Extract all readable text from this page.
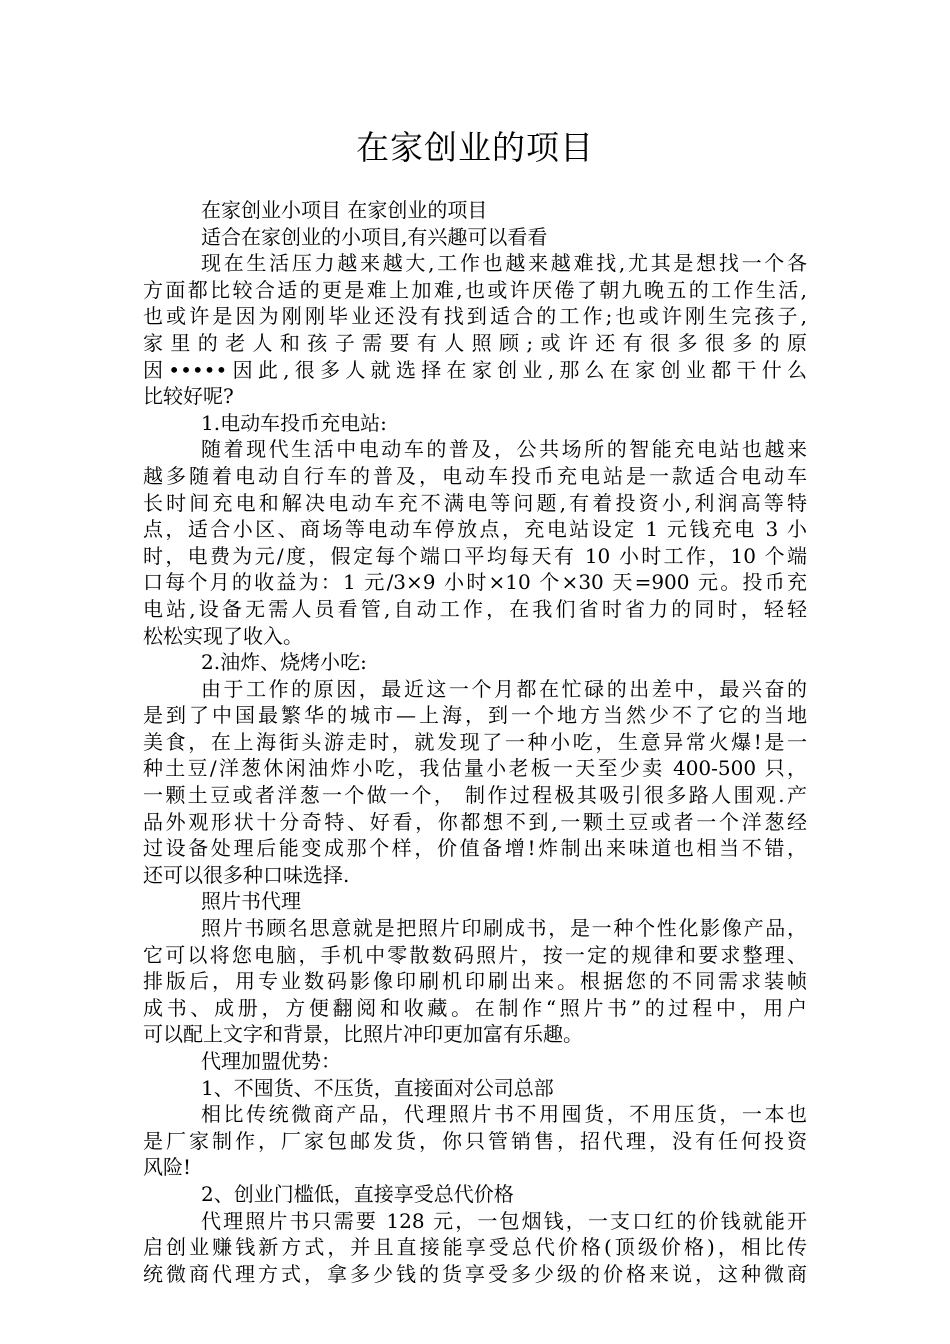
在家创业的项目
在家创业小项目 在家创业的项目
适合在家创业的小项目,有兴趣可以看看
现在生活压力越来越大,工作也越来越难找,尤其是想找一个各
方面都比较合适的更是难上加难,也或许厌倦了朝九晚五的工作生活,
也或许是因为刚刚毕业还没有找到适合的工作;也或许刚生完孩子,
家里的老人和孩子需要有人照顾;或许还有很多很多的原
因•••••因此,很多人就选择在家创业,那么在家创业都干什么
比较好呢?
1.电动车投币充电站:
随着现代生活中电动车的普及，公共场所的智能充电站也越来
越多随着电动自行车的普及，电动车投币充电站是一款适合电动车
长时间充电和解决电动车充不满电等问题,有着投资小,利润高等特
点，适合小区、商场等电动车停放点，充电站设定 1 元钱充电 3 小
时，电费为元/度，假定每个端口平均每天有 10 小时工作，10 个端
口每个月的收益为：1 元/3×9 小时×10 个×30 天=900 元。投币充
电站,设备无需人员看管,自动工作，在我们省时省力的同时，轻轻
松松实现了收入。
2.油炸、烧烤小吃:
由于工作的原因，最近这一个月都在忙碌的出差中，最兴奋的
是到了中国最繁华的城市—上海，到一个地方当然少不了它的当地
美食，在上海街头游走时，就发现了一种小吃，生意异常火爆!是一
种土豆/洋葱休闲油炸小吃，我估量小老板一天至少卖 400-500 只，
一颗土豆或者洋葱一个做一个， 制作过程极其吸引很多路人围观.产
品外观形状十分奇特、好看，你都想不到,一颗土豆或者一个洋葱经
过设备处理后能变成那个样，价值备增!炸制出来味道也相当不错，
还可以很多种口味选择.
照片书代理
照片书顾名思意就是把照片印刷成书，是一种个性化影像产品，
它可以将您电脑，手机中零散数码照片，按一定的规律和要求整理、
排版后，用专业数码影像印刷机印刷出来。根据您的不同需求装帧
成书、成册，方便翻阅和收藏。在制作“照片书”的过程中，用户
可以配上文字和背景，比照片冲印更加富有乐趣。
代理加盟优势：
1、不囤货、不压货，直接面对公司总部
相比传统微商产品，代理照片书不用囤货，不用压货，一本也
是厂家制作，厂家包邮发货，你只管销售，招代理，没有任何投资
风险!
2、创业门槛低，直接享受总代价格
代理照片书只需要 128 元，一包烟钱，一支口红的价钱就能开
启创业赚钱新方式，并且直接能享受总代价格(顶级价格)，相比传
统微商代理方式，拿多少钱的货享受多少级的价格来说，这种微商
